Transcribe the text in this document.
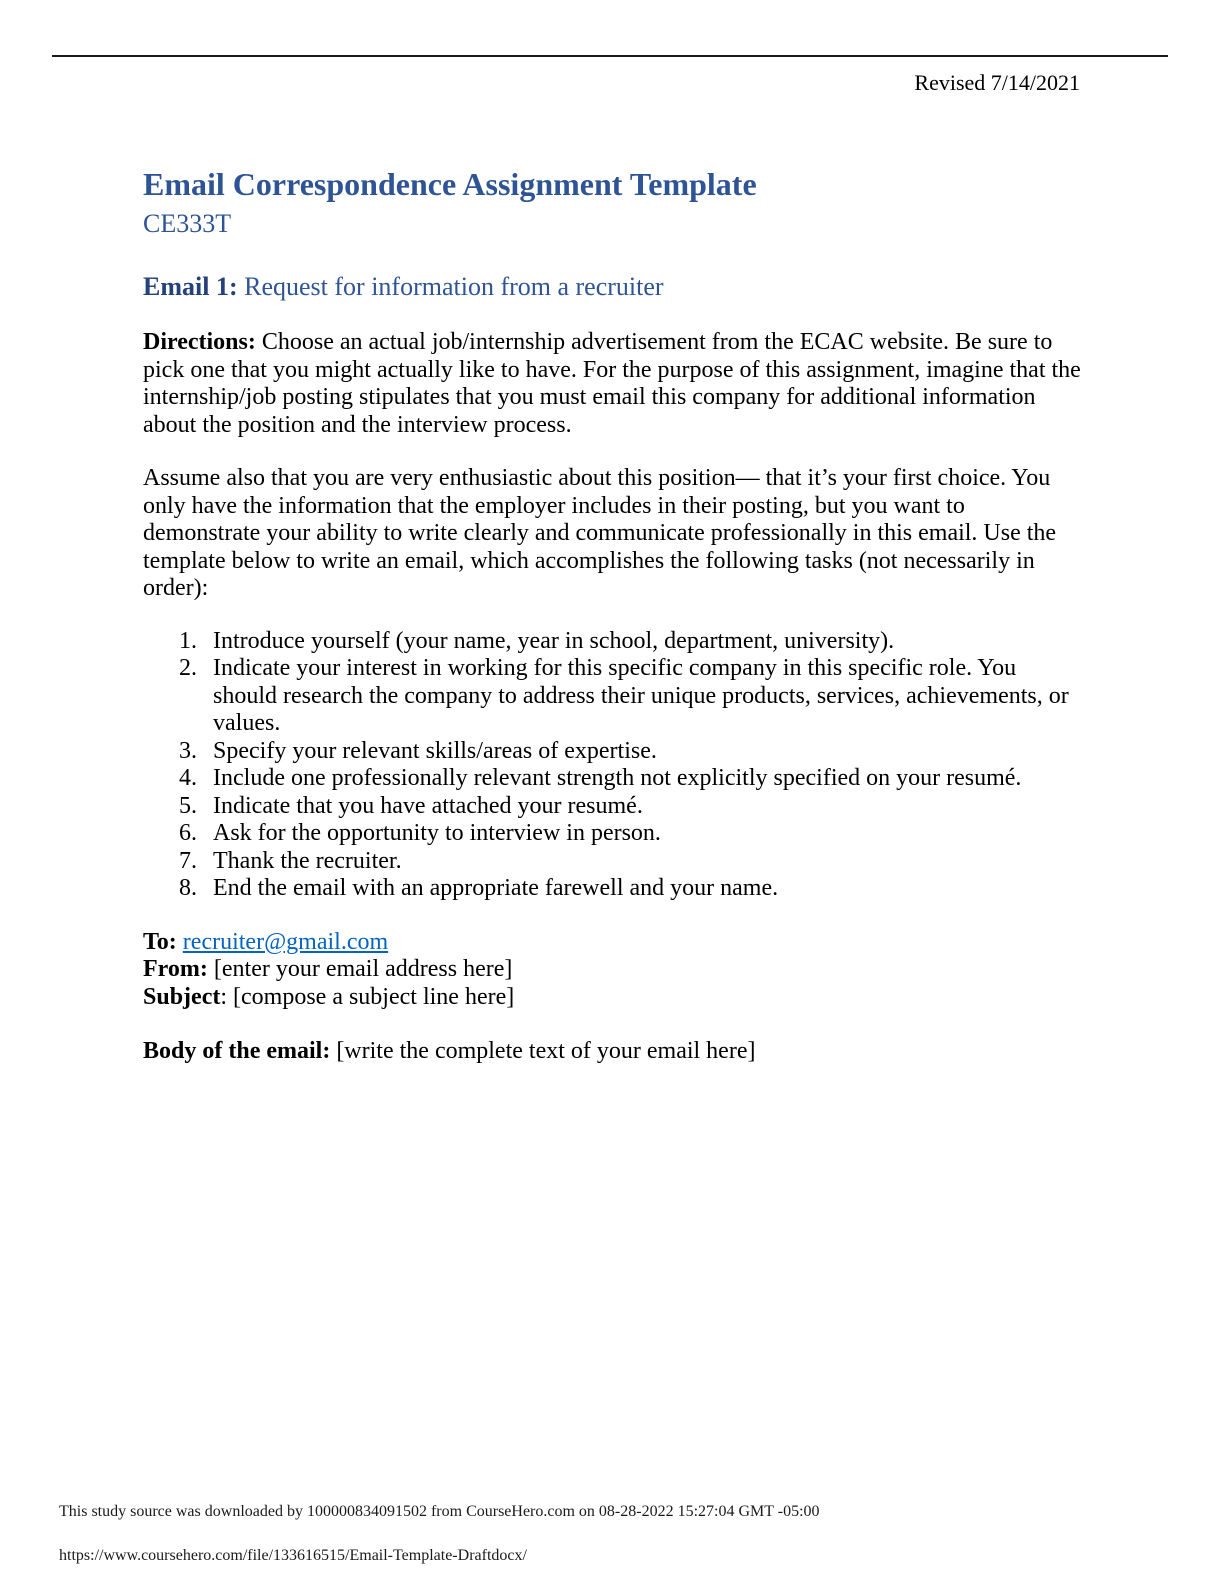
Revised 7/14/2021
Email Correspondence Assignment Template
CE333T
Email 1: Request for information from a recruiter

Directions: Choose an actual job/internship advertisement from the ECAC website. Be sure to pick one that you might actually like to have. For the purpose of this assignment, imagine that the internship/job posting stipulates that you must email this company for additional information about the position and the interview process.

Assume also that you are very enthusiastic about this position— that it’s your first choice. You only have the information that the employer includes in their posting, but you want to demonstrate your ability to write clearly and communicate professionally in this email. Use the template below to write an email, which accomplishes the following tasks (not necessarily in order):

Introduce yourself (your name, year in school, department, university).
Indicate your interest in working for this specific company in this specific role. You should research the company to address their unique products, services, achievements, or values.
Specify your relevant skills/areas of expertise.
Include one professionally relevant strength not explicitly specified on your resumé.
Indicate that you have attached your resumé.
Ask for the opportunity to interview in person.
Thank the recruiter.
End the email with an appropriate farewell and your name.
To: recruiter@gmail.com
From: [enter your email address here]
Subject: [compose a subject line here]
Body of the email: [write the complete text of your email here]
This study source was downloaded by 100000834091502 from CourseHero.com on 08-28-2022 15:27:04 GMT -05:00
https://www.coursehero.com/file/133616515/Email-Template-Draftdocx/
